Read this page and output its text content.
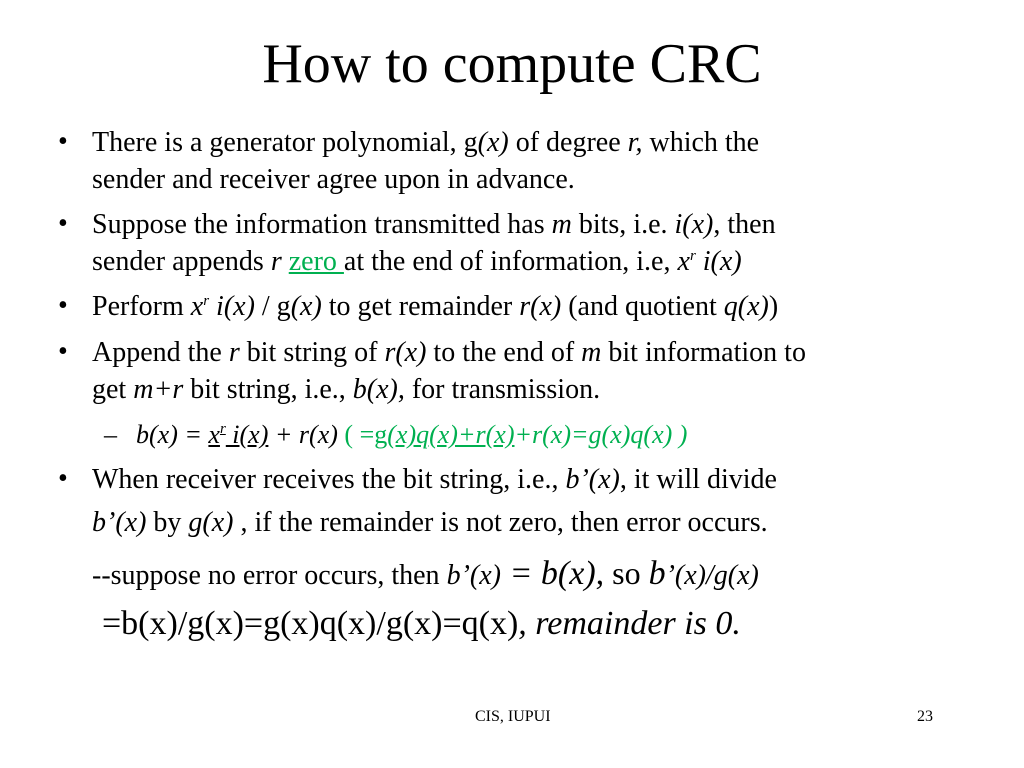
How to compute CRC
• There is a generator polynomial, g(x) of degree r, which the
sender and receiver agree upon in advance.
• Suppose the information transmitted has m bits, i.e. i(x), then
sender appends r zero at the end of information, i.e, $x^r$ i(x)
• Perform $x^r$ i(x) / g(x) to get remainder r(x) (and quotient q(x))
• Append the r bit string of r(x) to the end of m bit information to
get m+r bit string, i.e., b(x), for transmission.
– $b(x) = x^r$ i(x) + r(x) ( =g(x)q(x)+r(x)+r(x)=g(x)q(x) )
• When receiver receives the bit string, i.e., b’(x), it will divide
b’(x) by g(x) , if the remainder is not zero, then error occurs.
--suppose no error occurs, then b’(x) = b(x), so b’(x)/g(x)
=b(x)/g(x)=g(x)q(x)/g(x)=q(x), remainder is 0.
CIS, IUPUI	23
